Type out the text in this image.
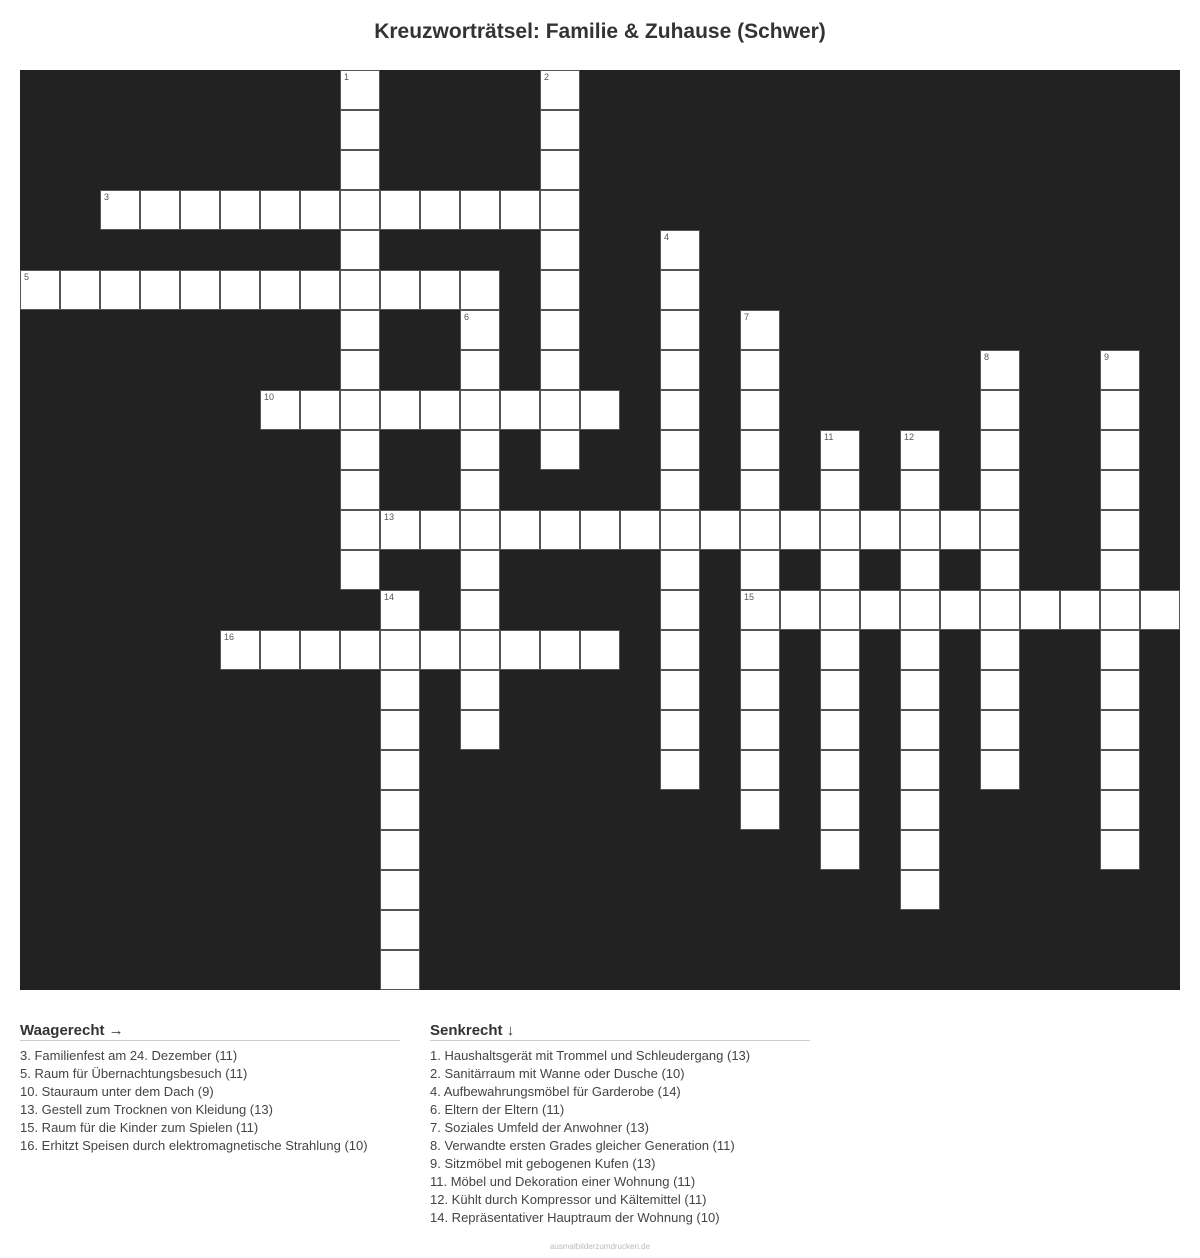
Kreuzworträtsel: Familie & Zuhause (Schwer)
1	2
3
4
5
6	7
15
8	9
10
11	12
13
14
16
Waagerecht →
3. Familienfest am 24. Dezember (11)
5. Raum für Übernachtungsbesuch (11)
10. Stauraum unter dem Dach (9)
13. Gestell zum Trocknen von Kleidung (13)
15. Raum für die Kinder zum Spielen (11)
16. Erhitzt Speisen durch elektromagnetische Strahlung (10)
Senkrecht ↓
1. Haushaltsgerät mit Trommel und Schleudergang (13)
2. Sanitärraum mit Wanne oder Dusche (10)
4. Aufbewahrungsmöbel für Garderobe (14)
6. Eltern der Eltern (11)
7. Soziales Umfeld der Anwohner (13)
8. Verwandte ersten Grades gleicher Generation (11)
9. Sitzmöbel mit gebogenen Kufen (13)
11. Möbel und Dekoration einer Wohnung (11)
12. Kühlt durch Kompressor und Kältemittel (11)
14. Repräsentativer Hauptraum der Wohnung (10)
ausmalbilderzumdrucken.de
